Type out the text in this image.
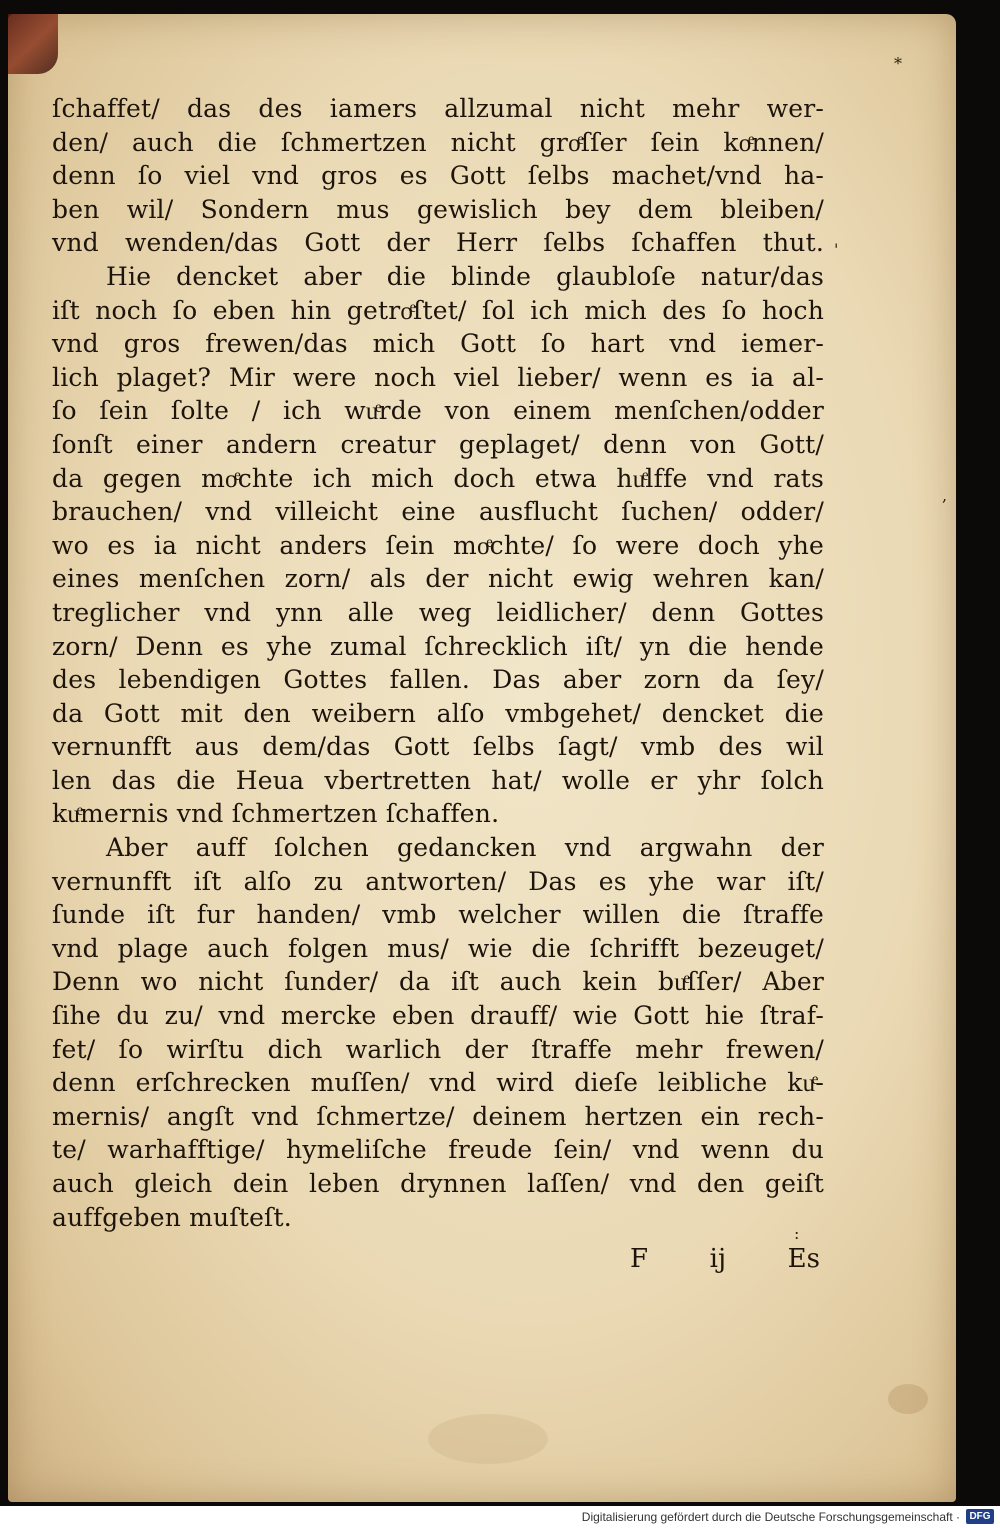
*
'
,
:
ſchaffet/ das des iamers allzumal nicht mehr wer-
den/ auch die ſchmertzen nicht groͤſſer ſein koͤnnen/
denn ſo viel vnd gros es Gott ſelbs machet/vnd ha-
ben wil/ Sondern mus gewislich bey dem bleiben/
vnd wenden/das Gott der Herr ſelbs ſchaffen thut.
Hie dencket aber die blinde glaubloſe natur/das
iſt noch ſo eben hin getroͤſtet/ ſol ich mich des ſo hoch
vnd gros frewen/das mich Gott ſo hart vnd iemer-
lich plaget? Mir were noch viel lieber/ wenn es ia al-
ſo ſein ſolte / ich wuͤrde von einem menſchen/odder
ſonſt einer andern creatur geplaget/ denn von Gott/
da gegen moͤchte ich mich doch etwa huͤlffe vnd rats
brauchen/ vnd villeicht eine ausflucht ſuchen/ odder/
wo es ia nicht anders ſein moͤchte/ ſo were doch yhe
eines menſchen zorn/ als der nicht ewig wehren kan/
treglicher vnd ynn alle weg leidlicher/ denn Gottes
zorn/ Denn es yhe zumal ſchrecklich iſt/ yn die hende
des lebendigen Gottes fallen. Das aber zorn da ſey/
da Gott mit den weibern alſo vmbgehet/ dencket die
vernunfft aus dem/das Gott ſelbs ſagt/ vmb des wil
len das die Heua vbertretten hat/ wolle er yhr ſolch
kuͤmernis vnd ſchmertzen ſchaffen.
Aber auff ſolchen gedancken vnd argwahn der
vernunfft iſt alſo zu antworten/ Das es yhe war iſt/
ſunde iſt fur handen/ vmb welcher willen die ſtraffe
vnd plage auch folgen mus/ wie die ſchrifft bezeuget/
Denn wo nicht ſunder/ da iſt auch kein buͤſſer/ Aber
ſihe du zu/ vnd mercke eben drauff/ wie Gott hie ſtraf-
fet/ ſo wirſtu dich warlich der ſtraffe mehr frewen/
denn erſchrecken muſſen/ vnd wird dieſe leibliche kuͤ-
mernis/ angſt vnd ſchmertze/ deinem hertzen ein rech-
te/ warhafftige/ hymeliſche freude ſein/ vnd wenn du
auch gleich dein leben drynnen laſſen/ vnd den geiſt
auffgeben muſteſt.
F ij Es
Digitalisierung gefördert durch die Deutsche Forschungsgemeinschaft · DFG
